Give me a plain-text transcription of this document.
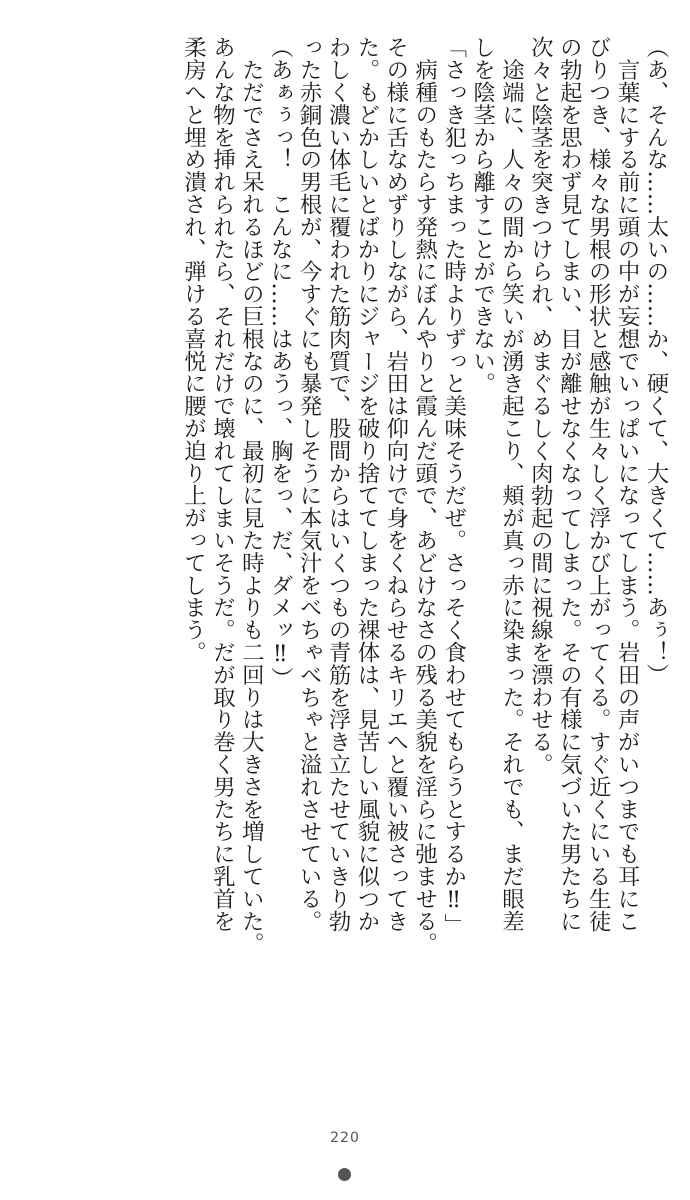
（あ、そんな……太いの……か、硬くて、大きくて……あぅ！）
　言葉にする前に頭の中が妄想でいっぱいになってしまう。岩田の声がいつまでも耳にこ
びりつき、様々な男根の形状と感触が生々しく浮かび上がってくる。すぐ近くにいる生徒
の勃起を思わず見てしまい、目が離せなくなってしまった。その有様に気づいた男たちに
次々と陰茎を突きつけられ、めまぐるしく肉勃起の間に視線を漂わせる。
　途端に、人々の間から笑いが湧き起こり、頬が真っ赤に染まった。それでも、まだ眼差
しを陰茎から離すことができない。
「さっき犯っちまった時よりずっと美味そうだぜ。さっそく食わせてもらうとするか‼」
　病種のもたらす発熱にぼんやりと霞んだ頭で、あどけなさの残る美貌を淫らに弛ませる。
その様に舌なめずりしながら、岩田は仰向けで身をくねらせるキリエへと覆い被さってき
た。もどかしいとばかりにジャージを破り捨ててしまった裸体は、見苦しい風貌に似つか
わしく濃い体毛に覆われた筋肉質で、股間からはいくつもの青筋を浮き立たせていきり勃
った赤銅色の男根が、今すぐにも暴発しそうに本気汁をべちゃべちゃと溢れさせている。
（あぁぅっ！　こんなに……はあうっ、胸をっ、だ、ダメッ‼）
　ただでさえ呆れるほどの巨根なのに、最初に見た時よりも二回りは大きさを増していた。
あんな物を挿れられたら、それだけで壊れてしまいそうだ。だが取り巻く男たちに乳首を
柔房へと埋め潰され、弾ける喜悦に腰が迫り上がってしまう。
220
